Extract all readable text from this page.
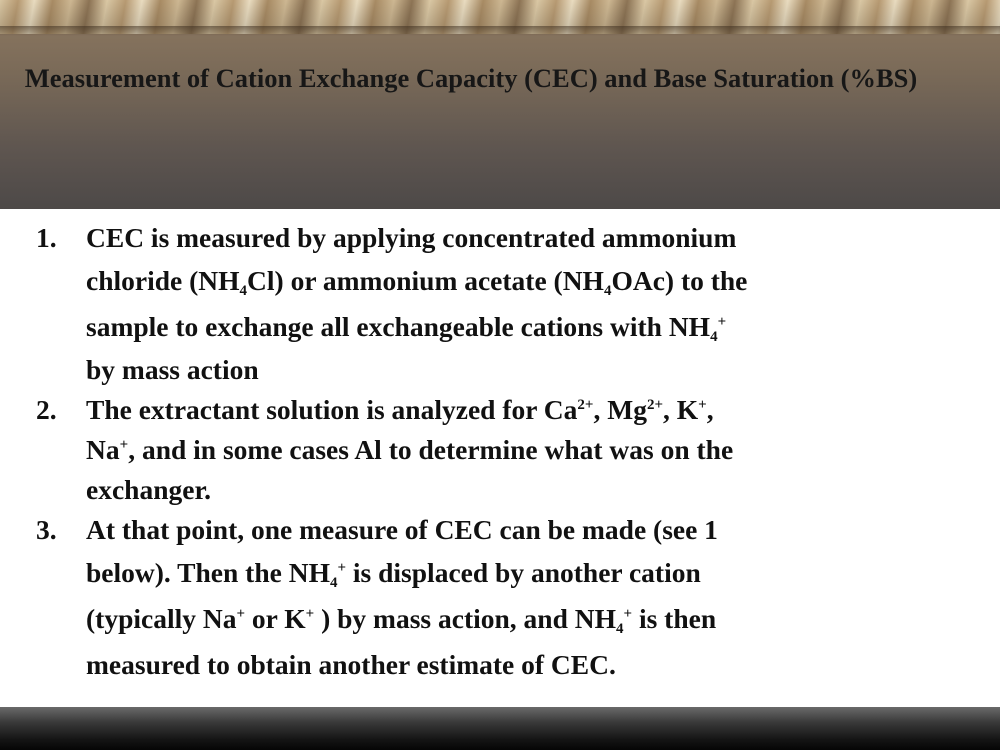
Measurement of Cation Exchange Capacity (CEC) and Base Saturation (%BS)
1. CEC is measured by applying concentrated ammonium
chloride $(NH_4Cl)$ or ammonium acetate $(NH_4OAc)$ to the
sample to exchange all exchangeable cations with $NH_4^+$
by mass action
2. The extractant solution is analyzed for $Ca^{2+}$, $Mg^{2+}$, K+,
Na+, and in some cases Al to determine what was on the
exchanger.
3. At that point, one measure of CEC can be made (see 1
below). Then the $NH_4^+$ is displaced by another cation
(typically Na+ or K+ ) by mass action, and $NH_4^+$ is then
measured to obtain another estimate of CEC.
